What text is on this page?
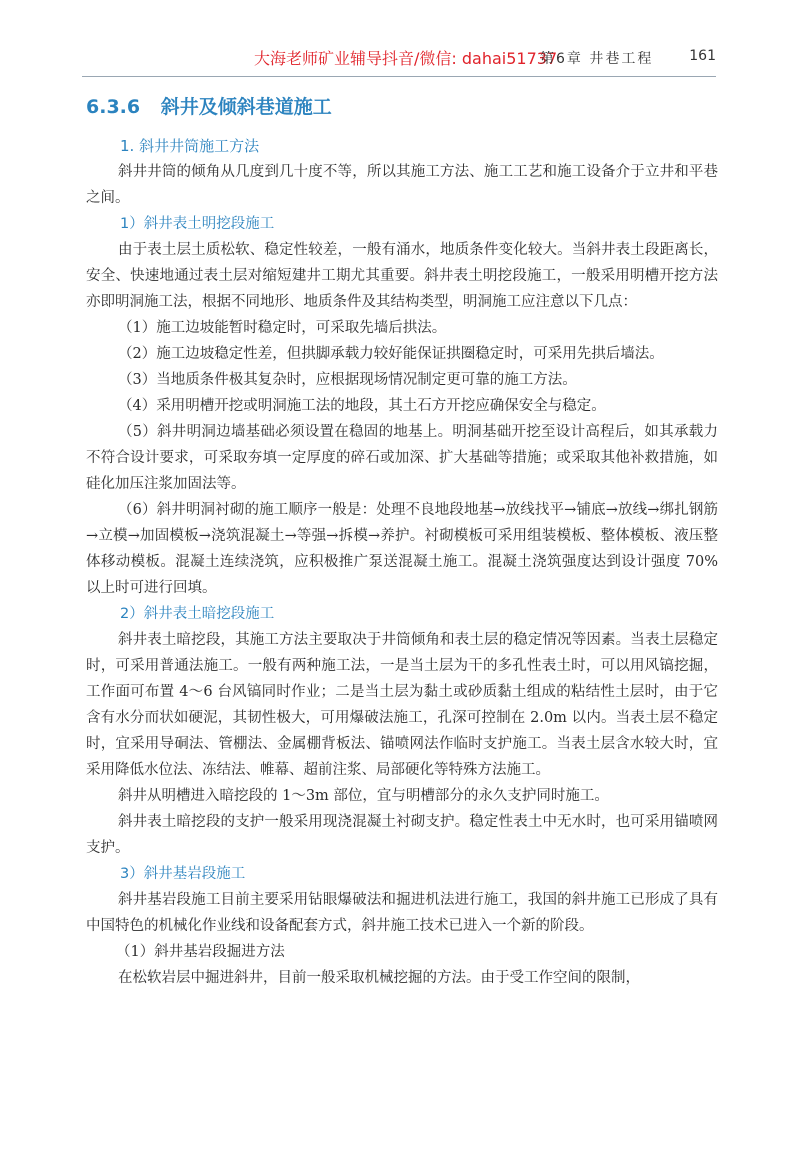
大海老师矿业辅导抖音/微信: dahai51737
第6章 井巷工程	161
6.3.6 斜井及倾斜巷道施工

1. 斜井井筒施工方法

斜井井筒的倾角从几度到几十度不等，所以其施工方法、施工工艺和施工设备介于立井和平巷之间。

1）斜井表土明挖段施工

由于表土层土质松软、稳定性较差，一般有涌水，地质条件变化较大。当斜井表土段距离长，安全、快速地通过表土层对缩短建井工期尤其重要。斜井表土明挖段施工，一般采用明槽开挖方法亦即明洞施工法，根据不同地形、地质条件及其结构类型，明洞施工应注意以下几点：

（1）施工边坡能暂时稳定时，可采取先墙后拱法。

（2）施工边坡稳定性差，但拱脚承载力较好能保证拱圈稳定时，可采用先拱后墙法。

（3）当地质条件极其复杂时，应根据现场情况制定更可靠的施工方法。

（4）采用明槽开挖或明洞施工法的地段，其土石方开挖应确保安全与稳定。

（5）斜井明洞边墙基础必须设置在稳固的地基上。明洞基础开挖至设计高程后，如其承载力不符合设计要求，可采取夯填一定厚度的碎石或加深、扩大基础等措施；或采取其他补救措施，如硅化加压注浆加固法等。

（6）斜井明洞衬砌的施工顺序一般是：处理不良地段地基→放线找平→铺底→放线→绑扎钢筋→立模→加固模板→浇筑混凝土→等强→拆模→养护。衬砌模板可采用组装模板、整体模板、液压整体移动模板。混凝土连续浇筑，应积极推广泵送混凝土施工。混凝土浇筑强度达到设计强度 70% 以上时可进行回填。

2）斜井表土暗挖段施工

斜井表土暗挖段，其施工方法主要取决于井筒倾角和表土层的稳定情况等因素。当表土层稳定时，可采用普通法施工。一般有两种施工法，一是当土层为干的多孔性表土时，可以用风镐挖掘，工作面可布置 4～6 台风镐同时作业；二是当土层为黏土或砂质黏土组成的粘结性土层时，由于它含有水分而状如硬泥，其韧性极大，可用爆破法施工，孔深可控制在 2.0m 以内。当表土层不稳定时，宜采用导硐法、管棚法、金属棚背板法、锚喷网法作临时支护施工。当表土层含水较大时，宜采用降低水位法、冻结法、帷幕、超前注浆、局部硬化等特殊方法施工。

斜井从明槽进入暗挖段的 1～3m 部位，宜与明槽部分的永久支护同时施工。

斜井表土暗挖段的支护一般采用现浇混凝土衬砌支护。稳定性表土中无水时，也可采用锚喷网支护。

3）斜井基岩段施工

斜井基岩段施工目前主要采用钻眼爆破法和掘进机法进行施工，我国的斜井施工已形成了具有中国特色的机械化作业线和设备配套方式，斜井施工技术已进入一个新的阶段。

（1）斜井基岩段掘进方法

在松软岩层中掘进斜井，目前一般采取机械挖掘的方法。由于受工作空间的限制，
